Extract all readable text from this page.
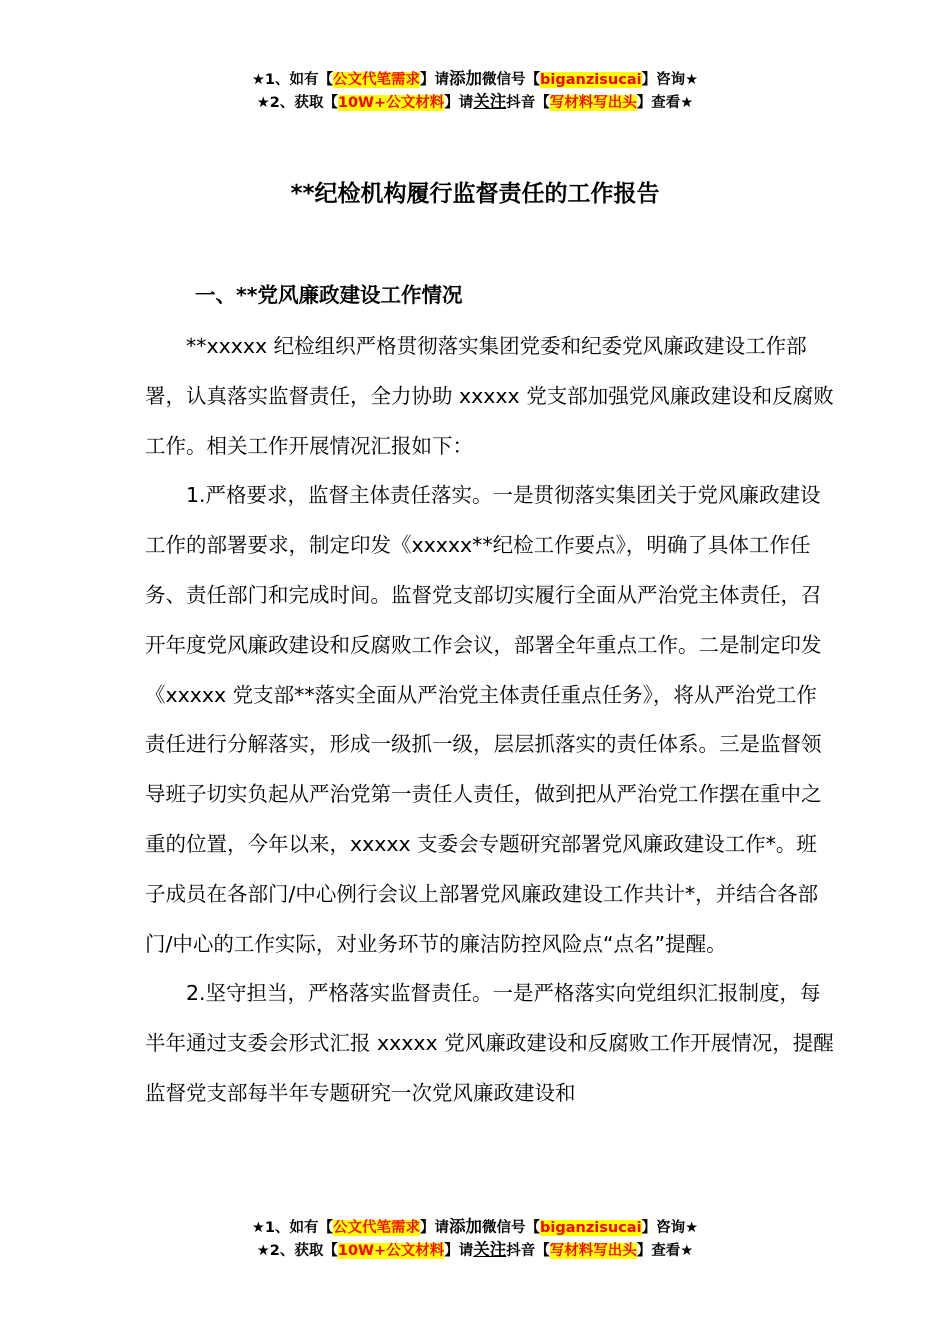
★1、如有【公文代笔需求】请添加微信号【biganzisucai】咨询★
★2、获取【10W+公文材料】请关注抖音【写材料写出头】查看★
**纪检机构履行监督责任的工作报告
一、**党风廉政建设工作情况

**xxxxx 纪检组织严格贯彻落实集团党委和纪委党风廉政建设工作部署，认真落实监督责任，全力协助 xxxxx 党支部加强党风廉政建设和反腐败工作。相关工作开展情况汇报如下：

1.严格要求，监督主体责任落实。一是贯彻落实集团关于党风廉政建设工作的部署要求，制定印发《xxxxx**纪检工作要点》，明确了具体工作任务、责任部门和完成时间。监督党支部切实履行全面从严治党主体责任，召开年度党风廉政建设和反腐败工作会议，部署全年重点工作。二是制定印发《xxxxx 党支部**落实全面从严治党主体责任重点任务》，将从严治党工作责任进行分解落实，形成一级抓一级，层层抓落实的责任体系。三是监督领导班子切实负起从严治党第一责任人责任，做到把从严治党工作摆在重中之重的位置，今年以来，xxxxx 支委会专题研究部署党风廉政建设工作*。班子成员在各部门/中心例行会议上部署党风廉政建设工作共计*，并结合各部门/中心的工作实际，对业务环节的廉洁防控风险点“点名”提醒。

2.坚守担当，严格落实监督责任。一是严格落实向党组织汇报制度，每半年通过支委会形式汇报 xxxxx 党风廉政建设和反腐败工作开展情况，提醒监督党支部每半年专题研究一次党风廉政建设和

★1、如有【公文代笔需求】请添加微信号【biganzisucai】咨询★
★2、获取【10W+公文材料】请关注抖音【写材料写出头】查看★
